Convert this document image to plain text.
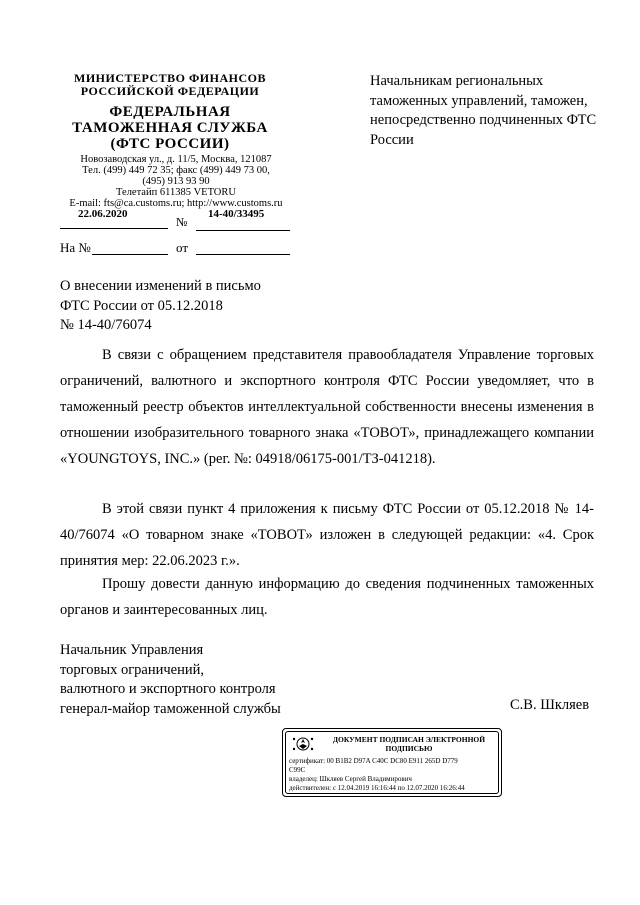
МИНИСТЕРСТВО ФИНАНСОВ
РОССИЙСКОЙ ФЕДЕРАЦИИ
ФЕДЕРАЛЬНАЯ
ТАМОЖЕННАЯ СЛУЖБА
(ФТС РОССИИ)
Новозаводская ул., д. 11/5, Москва, 121087
Тел. (499) 449 72 35; факс (499) 449 73 00,
(495) 913 93 90
Телетайп 611385 VETORU
E-mail: fts@ca.customs.ru; http://www.customs.ru
22.06.2020
№
14-40/33495
На №	от
Начальникам региональных таможенных управлений, таможен, непосредственно подчиненных ФТС России
О внесении изменений в письмо
ФТС России от 05.12.2018
№ 14-40/76074

В связи с обращением представителя правообладателя Управление торговых ограничений, валютного и экспортного контроля ФТС России уведомляет, что в таможенный реестр объектов интеллектуальной собственности внесены изменения в отношении изобразительного товарного знака «ТОВОТ», принадлежащего компании «YOUNGTOYS, INC.» (рег. №: 04918/06175-001/ТЗ-041218).

В этой связи пункт 4 приложения к письму ФТС России от 05.12.2018 № 14-40/76074 «О товарном знаке «ТОВОТ» изложен в следующей редакции: «4. Срок принятия мер: 22.06.2023 г.».

Прошу довести данную информацию до сведения подчиненных таможенных органов и заинтересованных лиц.

Начальник Управления
торговых ограничений,
валютного и экспортного контроля
генерал-майор таможенной службы	С.В. Шкляев
ДОКУМЕНТ ПОДПИСАН ЭЛЕКТРОННОЙ
ПОДПИСЬЮ
сертификат: 00 B1B2 D97A C40C DC80 E911 265D D779
C99C
владелец: Шкляев Сергей Владимирович
действителен: с 12.04.2019 16:16:44 по 12.07.2020 16:26:44
